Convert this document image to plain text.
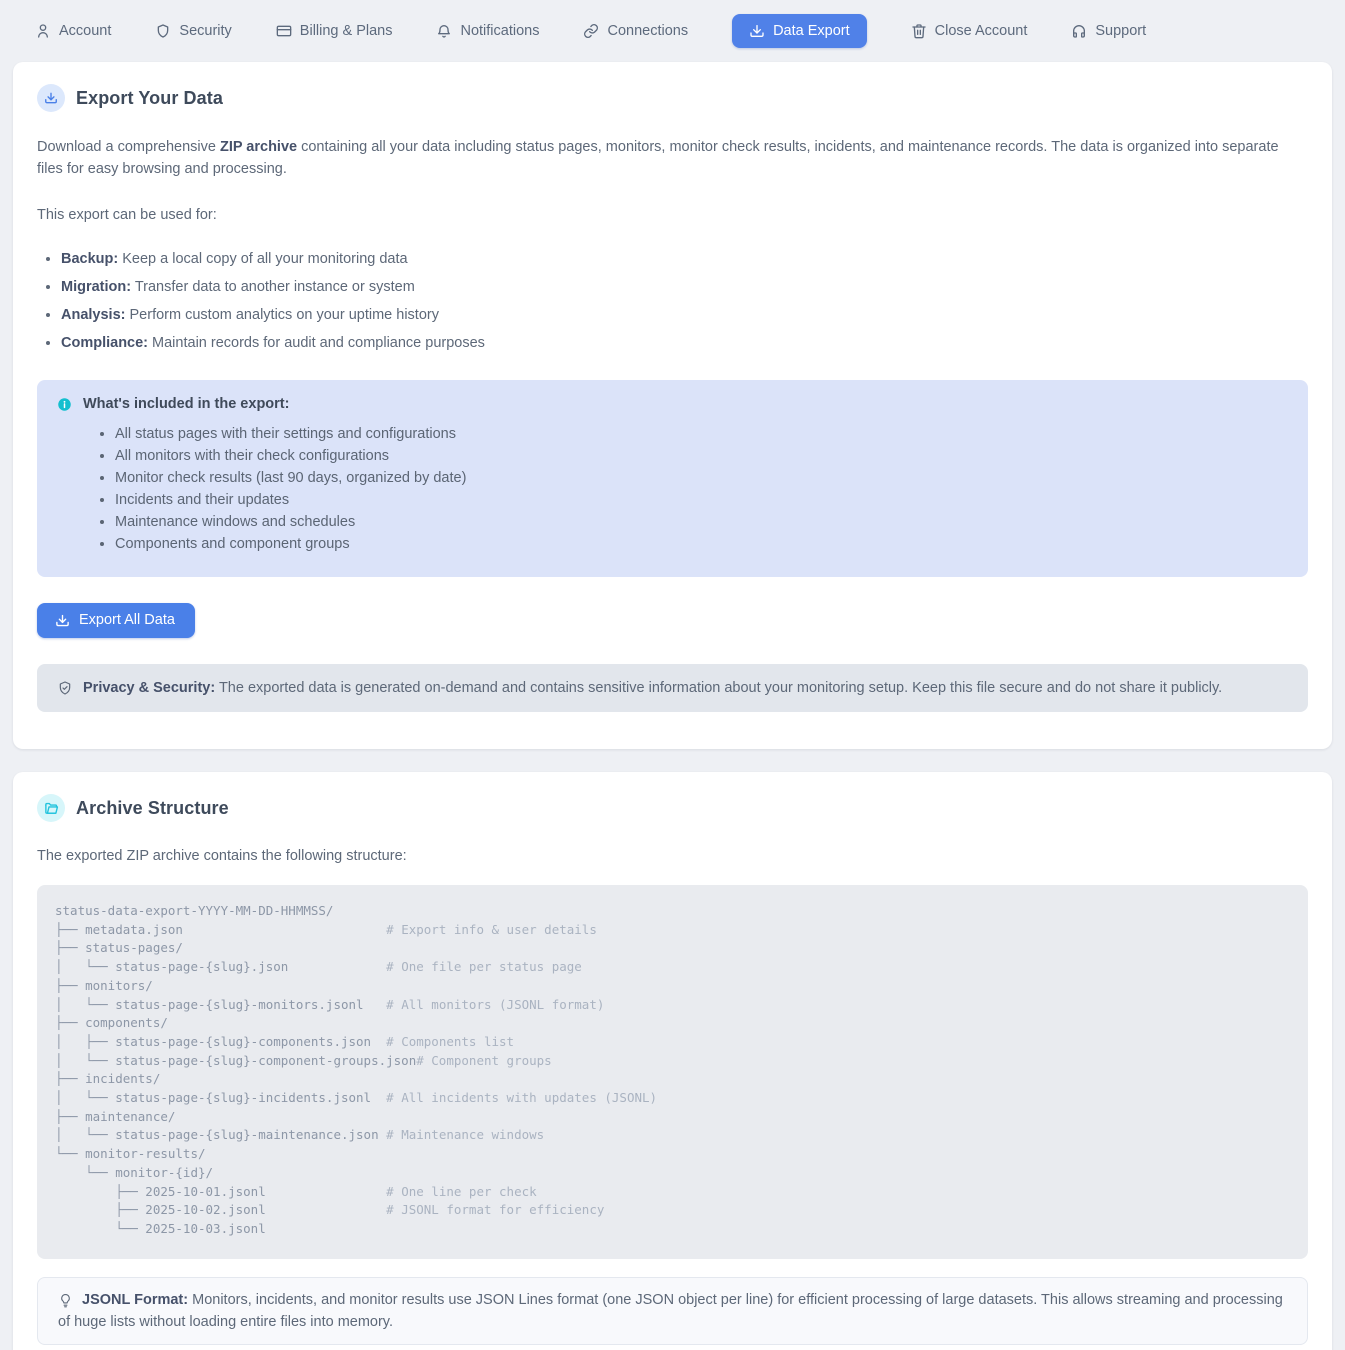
Account	Security	Billing & Plans	Notifications	Connections	Data Export	Close Account	Support
Export Your Data

Download a comprehensive ZIP archive containing all your data including status pages, monitors, monitor check results, incidents, and maintenance records. The data is organized into separate files for easy browsing and processing.

This export can be used for:

• Backup: Keep a local copy of all your monitoring data
• Migration: Transfer data to another instance or system
• Analysis: Perform custom analytics on your uptime history
• Compliance: Maintain records for audit and compliance purposes
What's included in the export:
• All status pages with their settings and configurations
• All monitors with their check configurations
• Monitor check results (last 90 days, organized by date)
• Incidents and their updates
• Maintenance windows and schedules
• Components and component groups
Export All Data
Privacy & Security: The exported data is generated on-demand and contains sensitive information about your monitoring setup. Keep this file secure and do not share it publicly.
Archive Structure

The exported ZIP archive contains the following structure:

status-data-export-YYYY-MM-DD-HHMMSS/
├── metadata.json                           # Export info & user details
├── status-pages/
│   └── status-page-{slug}.json             # One file per status page
├── monitors/
│   └── status-page-{slug}-monitors.jsonl   # All monitors (JSONL format)
├── components/
│   ├── status-page-{slug}-components.json  # Components list
│   └── status-page-{slug}-component-groups.json# Component groups
├── incidents/
│   └── status-page-{slug}-incidents.jsonl  # All incidents with updates (JSONL)
├── maintenance/
│   └── status-page-{slug}-maintenance.json # Maintenance windows
└── monitor-results/
└── monitor-{id}/
├── 2025-10-01.jsonl                # One line per check
├── 2025-10-02.jsonl                # JSONL format for efficiency
└── 2025-10-03.jsonl
JSONL Format: Monitors, incidents, and monitor results use JSON Lines format (one JSON object per line) for efficient processing of large datasets. This allows streaming and processing of huge lists without loading entire files into memory.
